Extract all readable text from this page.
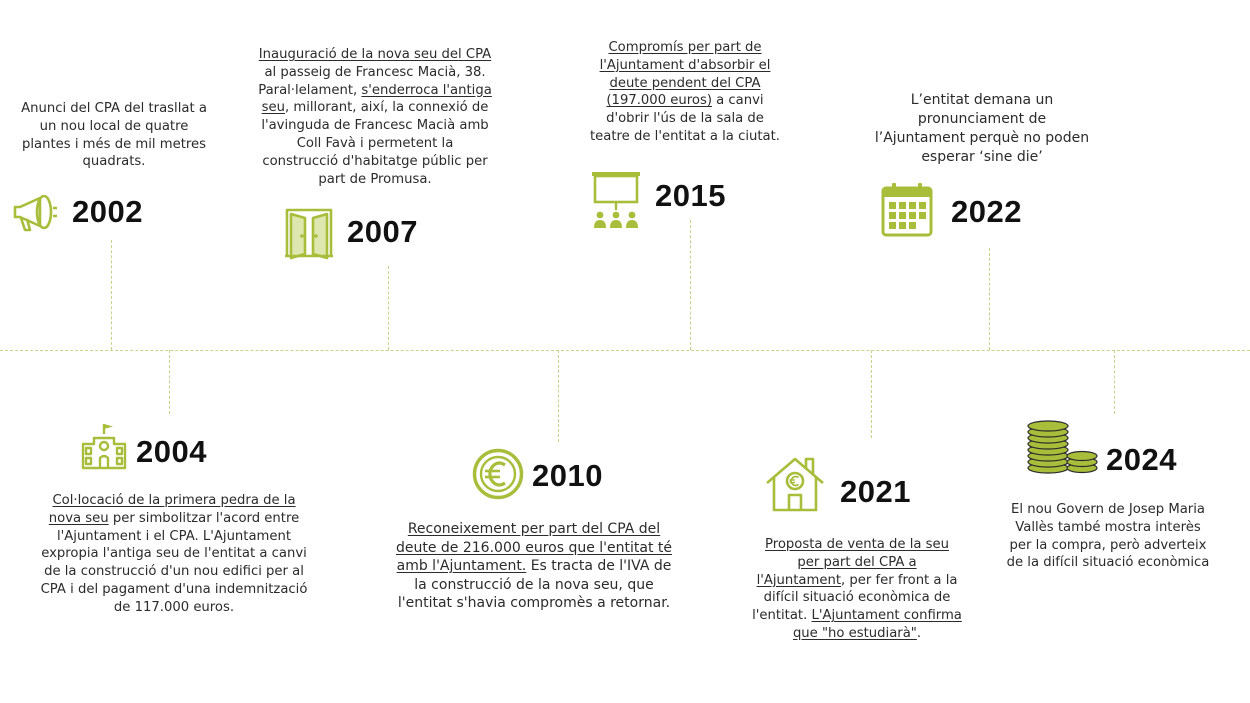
Anunci del CPA del trasllat a un nou local de quatre plantes i més de mil metres quadrats.

2002

Inauguració de la nova seu del CPA al passeig de Francesc Macià, 38. Paral·lelament, s'enderroca l'antiga seu, millorant, així, la connexió de l'avinguda de Francesc Macià amb Coll Favà i permetent la construcció d'habitatge públic per part de Promusa.

2007

Compromís per part de l'Ajuntament d'absorbir el deute pendent del CPA (197.000 euros) a canvi d'obrir l'ús de la sala de teatre de l'entitat a la ciutat.

2015

L’entitat demana un pronunciament de l’Ajuntament perquè no poden esperar ‘sine die’

2022
2004

Col·locació de la primera pedra de la nova seu per simbolitzar l'acord entre l'Ajuntament i el CPA. L'Ajuntament expropia l'antiga seu de l'entitat a canvi de la construcció d'un nou edifici per al CPA i del pagament d'una indemnització de 117.000 euros.

2010

Reconeixement per part del CPA del deute de 216.000 euros que l'entitat té amb l'Ajuntament. Es tracta de l'IVA de la construcció de la nova seu, que l'entitat s'havia compromès a retornar.

2021

Proposta de venta de la seu per part del CPA a l'Ajuntament, per fer front a la difícil situació econòmica de l'entitat. L'Ajuntament confirma que "ho estudiarà".

2024

El nou Govern de Josep Maria Vallès també mostra interès per la compra, però adverteix de la difícil situació econòmica
